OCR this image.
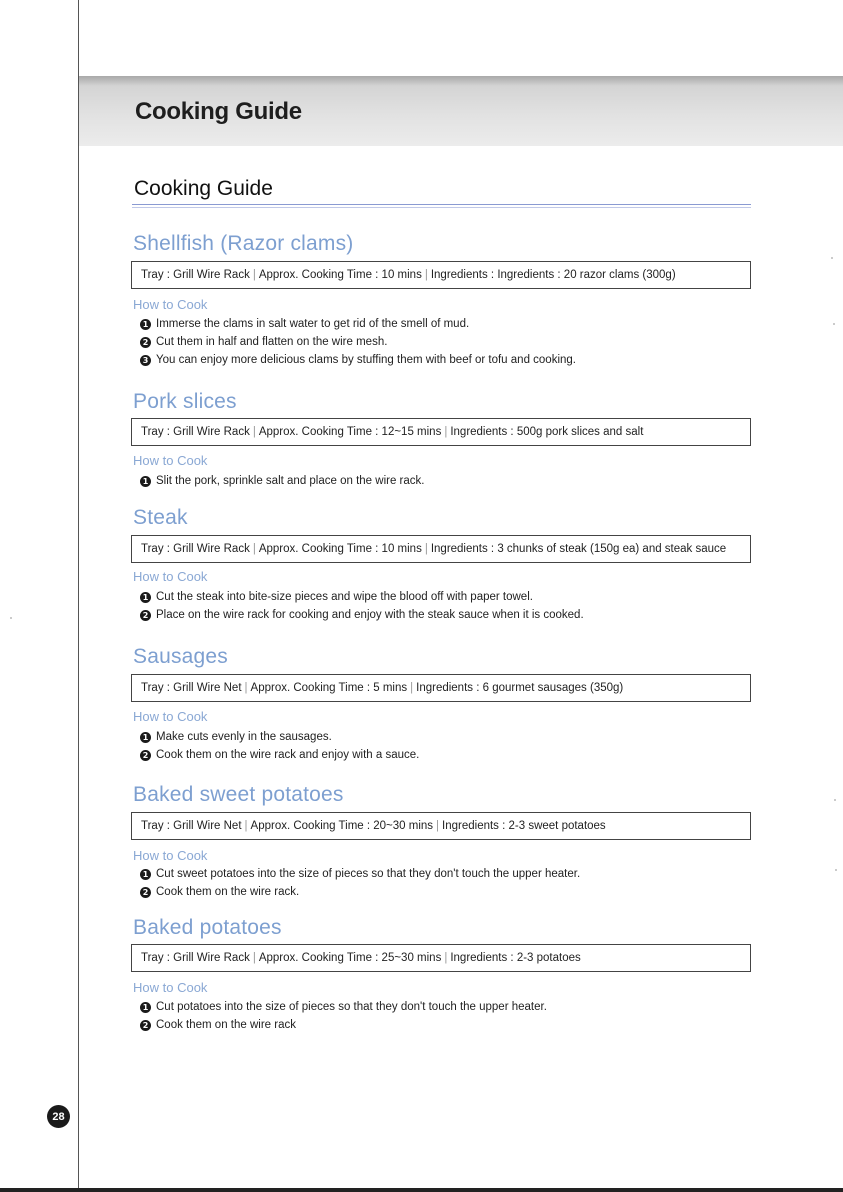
Cooking Guide
Cooking Guide
Shellfish (Razor clams)
Tray : Grill Wire Rack | Approx. Cooking Time : 10 mins | Ingredients : Ingredients : 20 razor clams (300g)
How to Cook
1 Immerse the clams in salt water to get rid of the smell of mud.
2 Cut them in half and flatten on the wire mesh.
3 You can enjoy more delicious clams by stuffing them with beef or tofu and cooking.
Pork slices
Tray : Grill Wire Rack | Approx. Cooking Time : 12~15 mins | Ingredients : 500g pork slices and salt
How to Cook
1 Slit the pork, sprinkle salt and place on the wire rack.
Steak
Tray : Grill Wire Rack | Approx. Cooking Time : 10 mins | Ingredients : 3 chunks of steak (150g ea) and steak sauce
How to Cook
1 Cut the steak into bite-size pieces and wipe the blood off with paper towel.
2 Place on the wire rack for cooking and enjoy with the steak sauce when it is cooked.
Sausages
Tray : Grill Wire Net | Approx. Cooking Time : 5 mins | Ingredients : 6 gourmet sausages (350g)
How to Cook
1 Make cuts evenly in the sausages.
2 Cook them on the wire rack and enjoy with a sauce.
Baked sweet potatoes
Tray : Grill Wire Net | Approx. Cooking Time : 20~30 mins | Ingredients : 2-3 sweet potatoes
How to Cook
1 Cut sweet potatoes into the size of pieces so that they don't touch the upper heater.
2 Cook them on the wire rack.
Baked potatoes
Tray : Grill Wire Rack | Approx. Cooking Time : 25~30 mins | Ingredients : 2-3 potatoes
How to Cook
1 Cut potatoes into the size of pieces so that they don't touch the upper heater.
2 Cook them on the wire rack
28
